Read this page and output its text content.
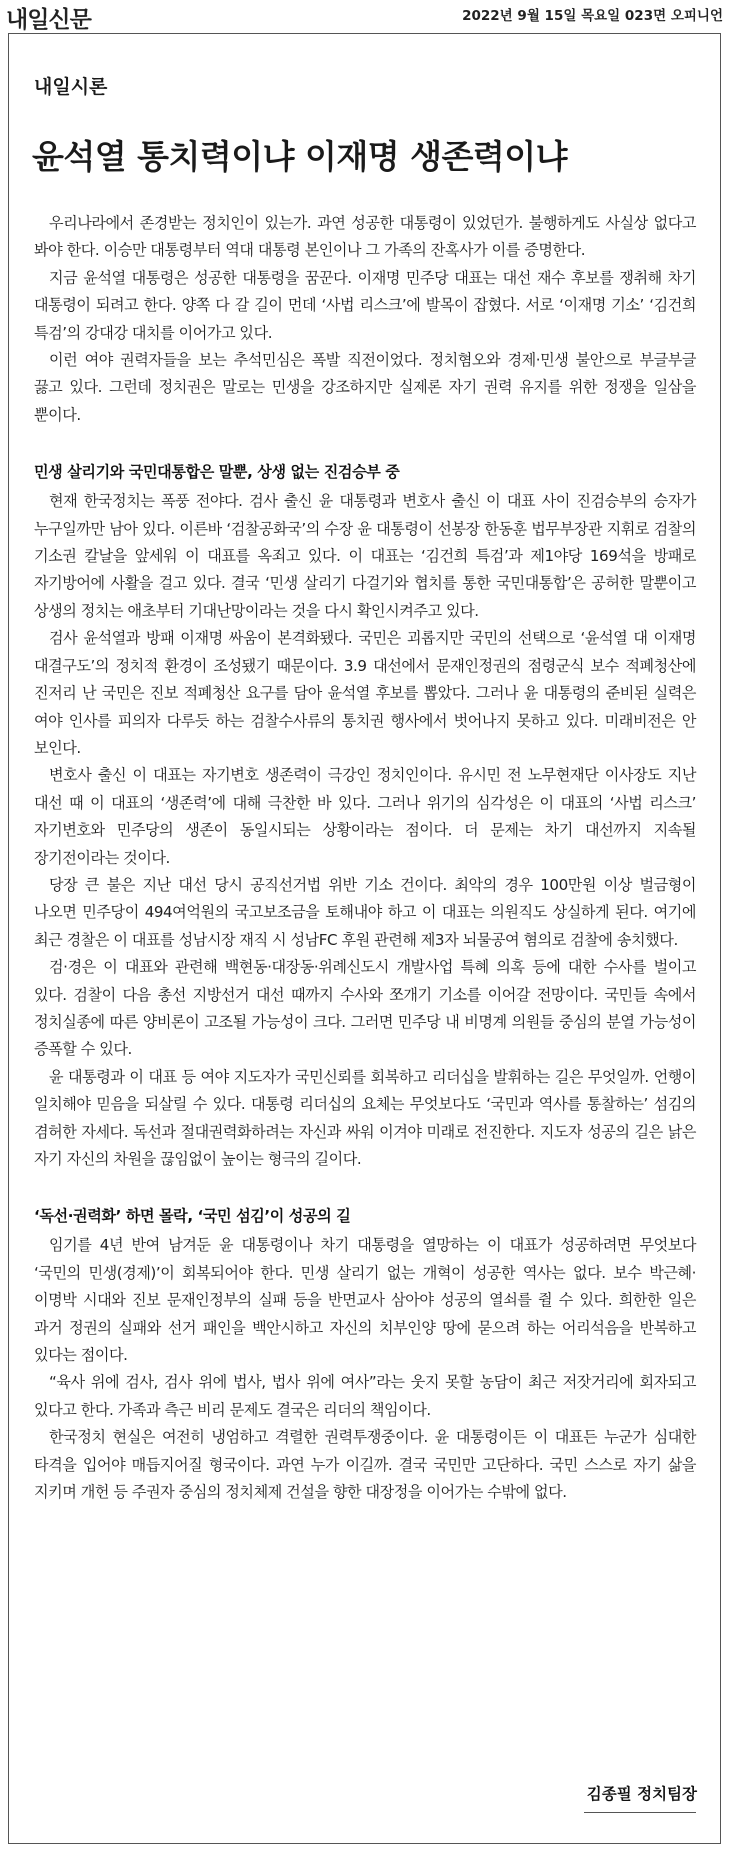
내일신문	2022년 9월 15일 목요일 023면 오피니언
내일시론
윤석열 통치력이냐 이재명 생존력이냐

우리나라에서 존경받는 정치인이 있는가. 과연 성공한 대통령이 있었던가. 불행하게도 사실상 없다고 봐야 한다. 이승만 대통령부터 역대 대통령 본인이나 그 가족의 잔혹사가 이를 증명한다.

지금 윤석열 대통령은 성공한 대통령을 꿈꾼다. 이재명 민주당 대표는 대선 재수 후보를 쟁취해 차기 대통령이 되려고 한다. 양쪽 다 갈 길이 먼데 ‘사법 리스크’에 발목이 잡혔다. 서로 ‘이재명 기소’ ‘김건희 특검’의 강대강 대치를 이어가고 있다.

이런 여야 권력자들을 보는 추석민심은 폭발 직전이었다. 정치혐오와 경제·민생 불안으로 부글부글 끓고 있다. 그런데 정치권은 말로는 민생을 강조하지만 실제론 자기 권력 유지를 위한 정쟁을 일삼을 뿐이다.

민생 살리기와 국민대통합은 말뿐, 상생 없는 진검승부 중

현재 한국정치는 폭풍 전야다. 검사 출신 윤 대통령과 변호사 출신 이 대표 사이 진검승부의 승자가 누구일까만 남아 있다. 이른바 ‘검찰공화국’의 수장 윤 대통령이 선봉장 한동훈 법무부장관 지휘로 검찰의 기소권 칼날을 앞세워 이 대표를 옥죄고 있다. 이 대표는 ‘김건희 특검’과 제1야당 169석을 방패로 자기방어에 사활을 걸고 있다. 결국 ‘민생 살리기 다걸기와 협치를 통한 국민대통합’은 공허한 말뿐이고 상생의 정치는 애초부터 기대난망이라는 것을 다시 확인시켜주고 있다.

검사 윤석열과 방패 이재명 싸움이 본격화됐다. 국민은 괴롭지만 국민의 선택으로 ‘윤석열 대 이재명 대결구도’의 정치적 환경이 조성됐기 때문이다. 3.9 대선에서 문재인정권의 점령군식 보수 적폐청산에 진저리 난 국민은 진보 적폐청산 요구를 담아 윤석열 후보를 뽑았다. 그러나 윤 대통령의 준비된 실력은 여야 인사를 피의자 다루듯 하는 검찰수사류의 통치권 행사에서 벗어나지 못하고 있다. 미래비전은 안 보인다.

변호사 출신 이 대표는 자기변호 생존력이 극강인 정치인이다. 유시민 전 노무현재단 이사장도 지난 대선 때 이 대표의 ‘생존력’에 대해 극찬한 바 있다. 그러나 위기의 심각성은 이 대표의 ‘사법 리스크’ 자기변호와 민주당의 생존이 동일시되는 상황이라는 점이다. 더 문제는 차기 대선까지 지속될 장기전이라는 것이다.

당장 큰 불은 지난 대선 당시 공직선거법 위반 기소 건이다. 최악의 경우 100만원 이상 벌금형이 나오면 민주당이 494여억원의 국고보조금을 토해내야 하고 이 대표는 의원직도 상실하게 된다. 여기에 최근 경찰은 이 대표를 성남시장 재직 시 성남FC 후원 관련해 제3자 뇌물공여 혐의로 검찰에 송치했다.

검·경은 이 대표와 관련해 백현동·대장동·위례신도시 개발사업 특혜 의혹 등에 대한 수사를 벌이고 있다. 검찰이 다음 총선 지방선거 대선 때까지 수사와 쪼개기 기소를 이어갈 전망이다. 국민들 속에서 정치실종에 따른 양비론이 고조될 가능성이 크다. 그러면 민주당 내 비명계 의원들 중심의 분열 가능성이 증폭할 수 있다.

윤 대통령과 이 대표 등 여야 지도자가 국민신뢰를 회복하고 리더십을 발휘하는 길은 무엇일까. 언행이 일치해야 믿음을 되살릴 수 있다. 대통령 리더십의 요체는 무엇보다도 ‘국민과 역사를 통찰하는’ 섬김의 겸허한 자세다. 독선과 절대권력화하려는 자신과 싸워 이겨야 미래로 전진한다. 지도자 성공의 길은 낡은 자기 자신의 차원을 끊임없이 높이는 형극의 길이다.

‘독선·권력화’ 하면 몰락, ‘국민 섬김’이 성공의 길

임기를 4년 반여 남겨둔 윤 대통령이나 차기 대통령을 열망하는 이 대표가 성공하려면 무엇보다 ‘국민의 민생(경제)’이 회복되어야 한다. 민생 살리기 없는 개혁이 성공한 역사는 없다. 보수 박근혜·이명박 시대와 진보 문재인정부의 실패 등을 반면교사 삼아야 성공의 열쇠를 쥘 수 있다. 희한한 일은 과거 정권의 실패와 선거 패인을 백안시하고 자신의 치부인양 땅에 묻으려 하는 어리석음을 반복하고 있다는 점이다.

“육사 위에 검사, 검사 위에 법사, 법사 위에 여사”라는 웃지 못할 농담이 최근 저잣거리에 회자되고 있다고 한다. 가족과 측근 비리 문제도 결국은 리더의 책임이다.

한국정치 현실은 여전히 냉엄하고 격렬한 권력투쟁중이다. 윤 대통령이든 이 대표든 누군가 심대한 타격을 입어야 매듭지어질 형국이다. 과연 누가 이길까. 결국 국민만 고단하다. 국민 스스로 자기 삶을 지키며 개헌 등 주권자 중심의 정치체제 건설을 향한 대장정을 이어가는 수밖에 없다.

김종필 정치팀장
